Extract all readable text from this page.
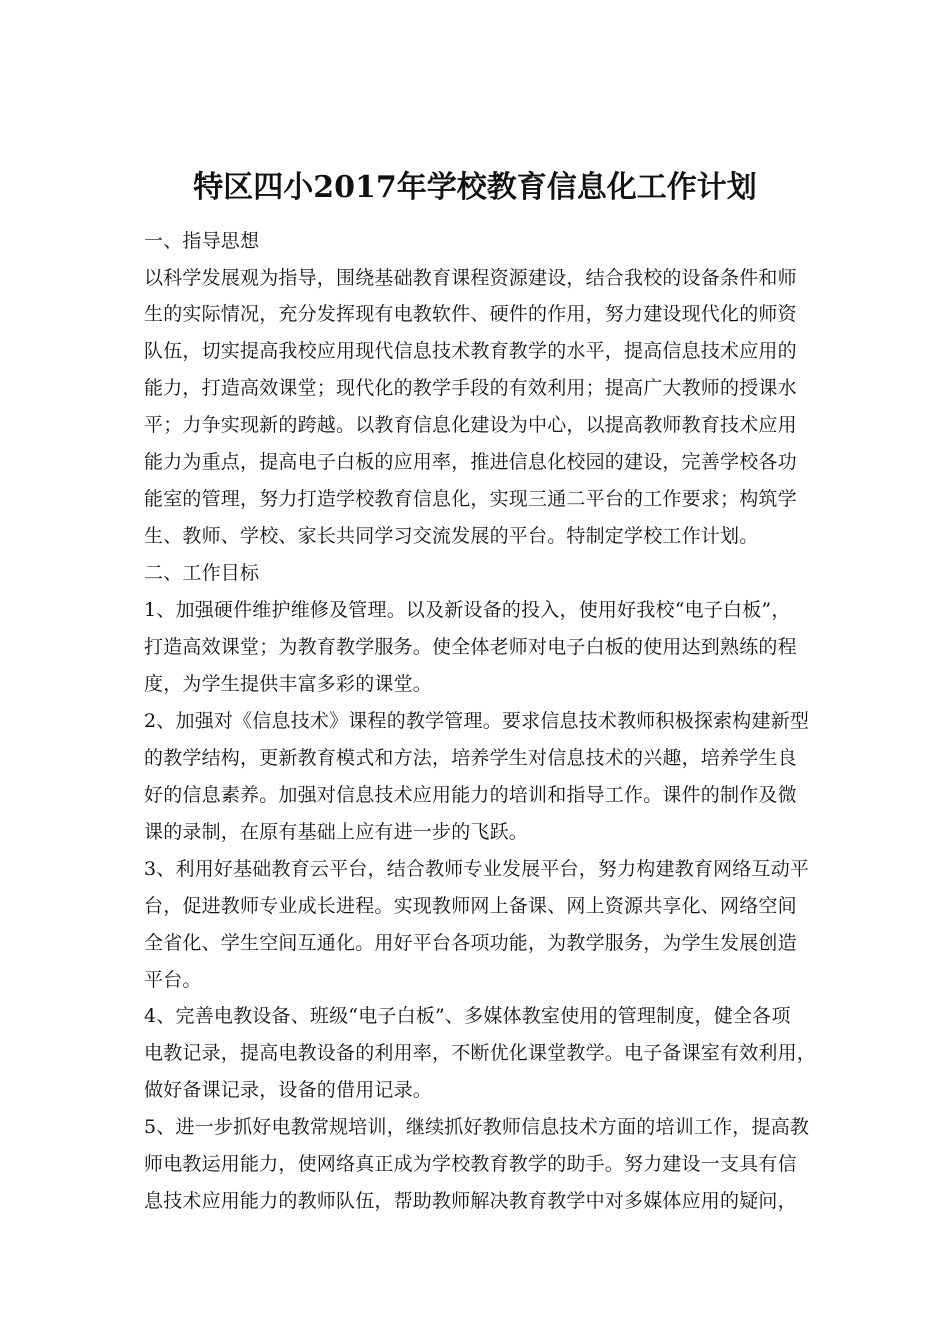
特区四小2017年学校教育信息化工作计划
一、指导思想
以科学发展观为指导，围绕基础教育课程资源建设，结合我校的设备条件和师
生的实际情况，充分发挥现有电教软件、硬件的作用，努力建设现代化的师资
队伍，切实提高我校应用现代信息技术教育教学的水平，提高信息技术应用的
能力，打造高效课堂；现代化的教学手段的有效利用；提高广大教师的授课水
平；力争实现新的跨越。以教育信息化建设为中心，以提高教师教育技术应用
能力为重点，提高电子白板的应用率，推进信息化校园的建设，完善学校各功
能室的管理，努力打造学校教育信息化，实现三通二平台的工作要求；构筑学
生、教师、学校、家长共同学习交流发展的平台。特制定学校工作计划。
二、工作目标
1、加强硬件维护维修及管理。以及新设备的投入，使用好我校“电子白板”，
打造高效课堂；为教育教学服务。使全体老师对电子白板的使用达到熟练的程
度，为学生提供丰富多彩的课堂。
2、加强对《信息技术》课程的教学管理。要求信息技术教师积极探索构建新型
的教学结构，更新教育模式和方法，培养学生对信息技术的兴趣，培养学生良
好的信息素养。加强对信息技术应用能力的培训和指导工作。课件的制作及微
课的录制，在原有基础上应有进一步的飞跃。
3、利用好基础教育云平台，结合教师专业发展平台，努力构建教育网络互动平
台，促进教师专业成长进程。实现教师网上备课、网上资源共享化、网络空间
全省化、学生空间互通化。用好平台各项功能，为教学服务，为学生发展创造
平台。
4、完善电教设备、班级“电子白板”、多媒体教室使用的管理制度，健全各项
电教记录，提高电教设备的利用率，不断优化课堂教学。电子备课室有效利用，
做好备课记录，设备的借用记录。
5、进一步抓好电教常规培训，继续抓好教师信息技术方面的培训工作，提高教
师电教运用能力，使网络真正成为学校教育教学的助手。努力建设一支具有信
息技术应用能力的教师队伍，帮助教师解决教育教学中对多媒体应用的疑问，
